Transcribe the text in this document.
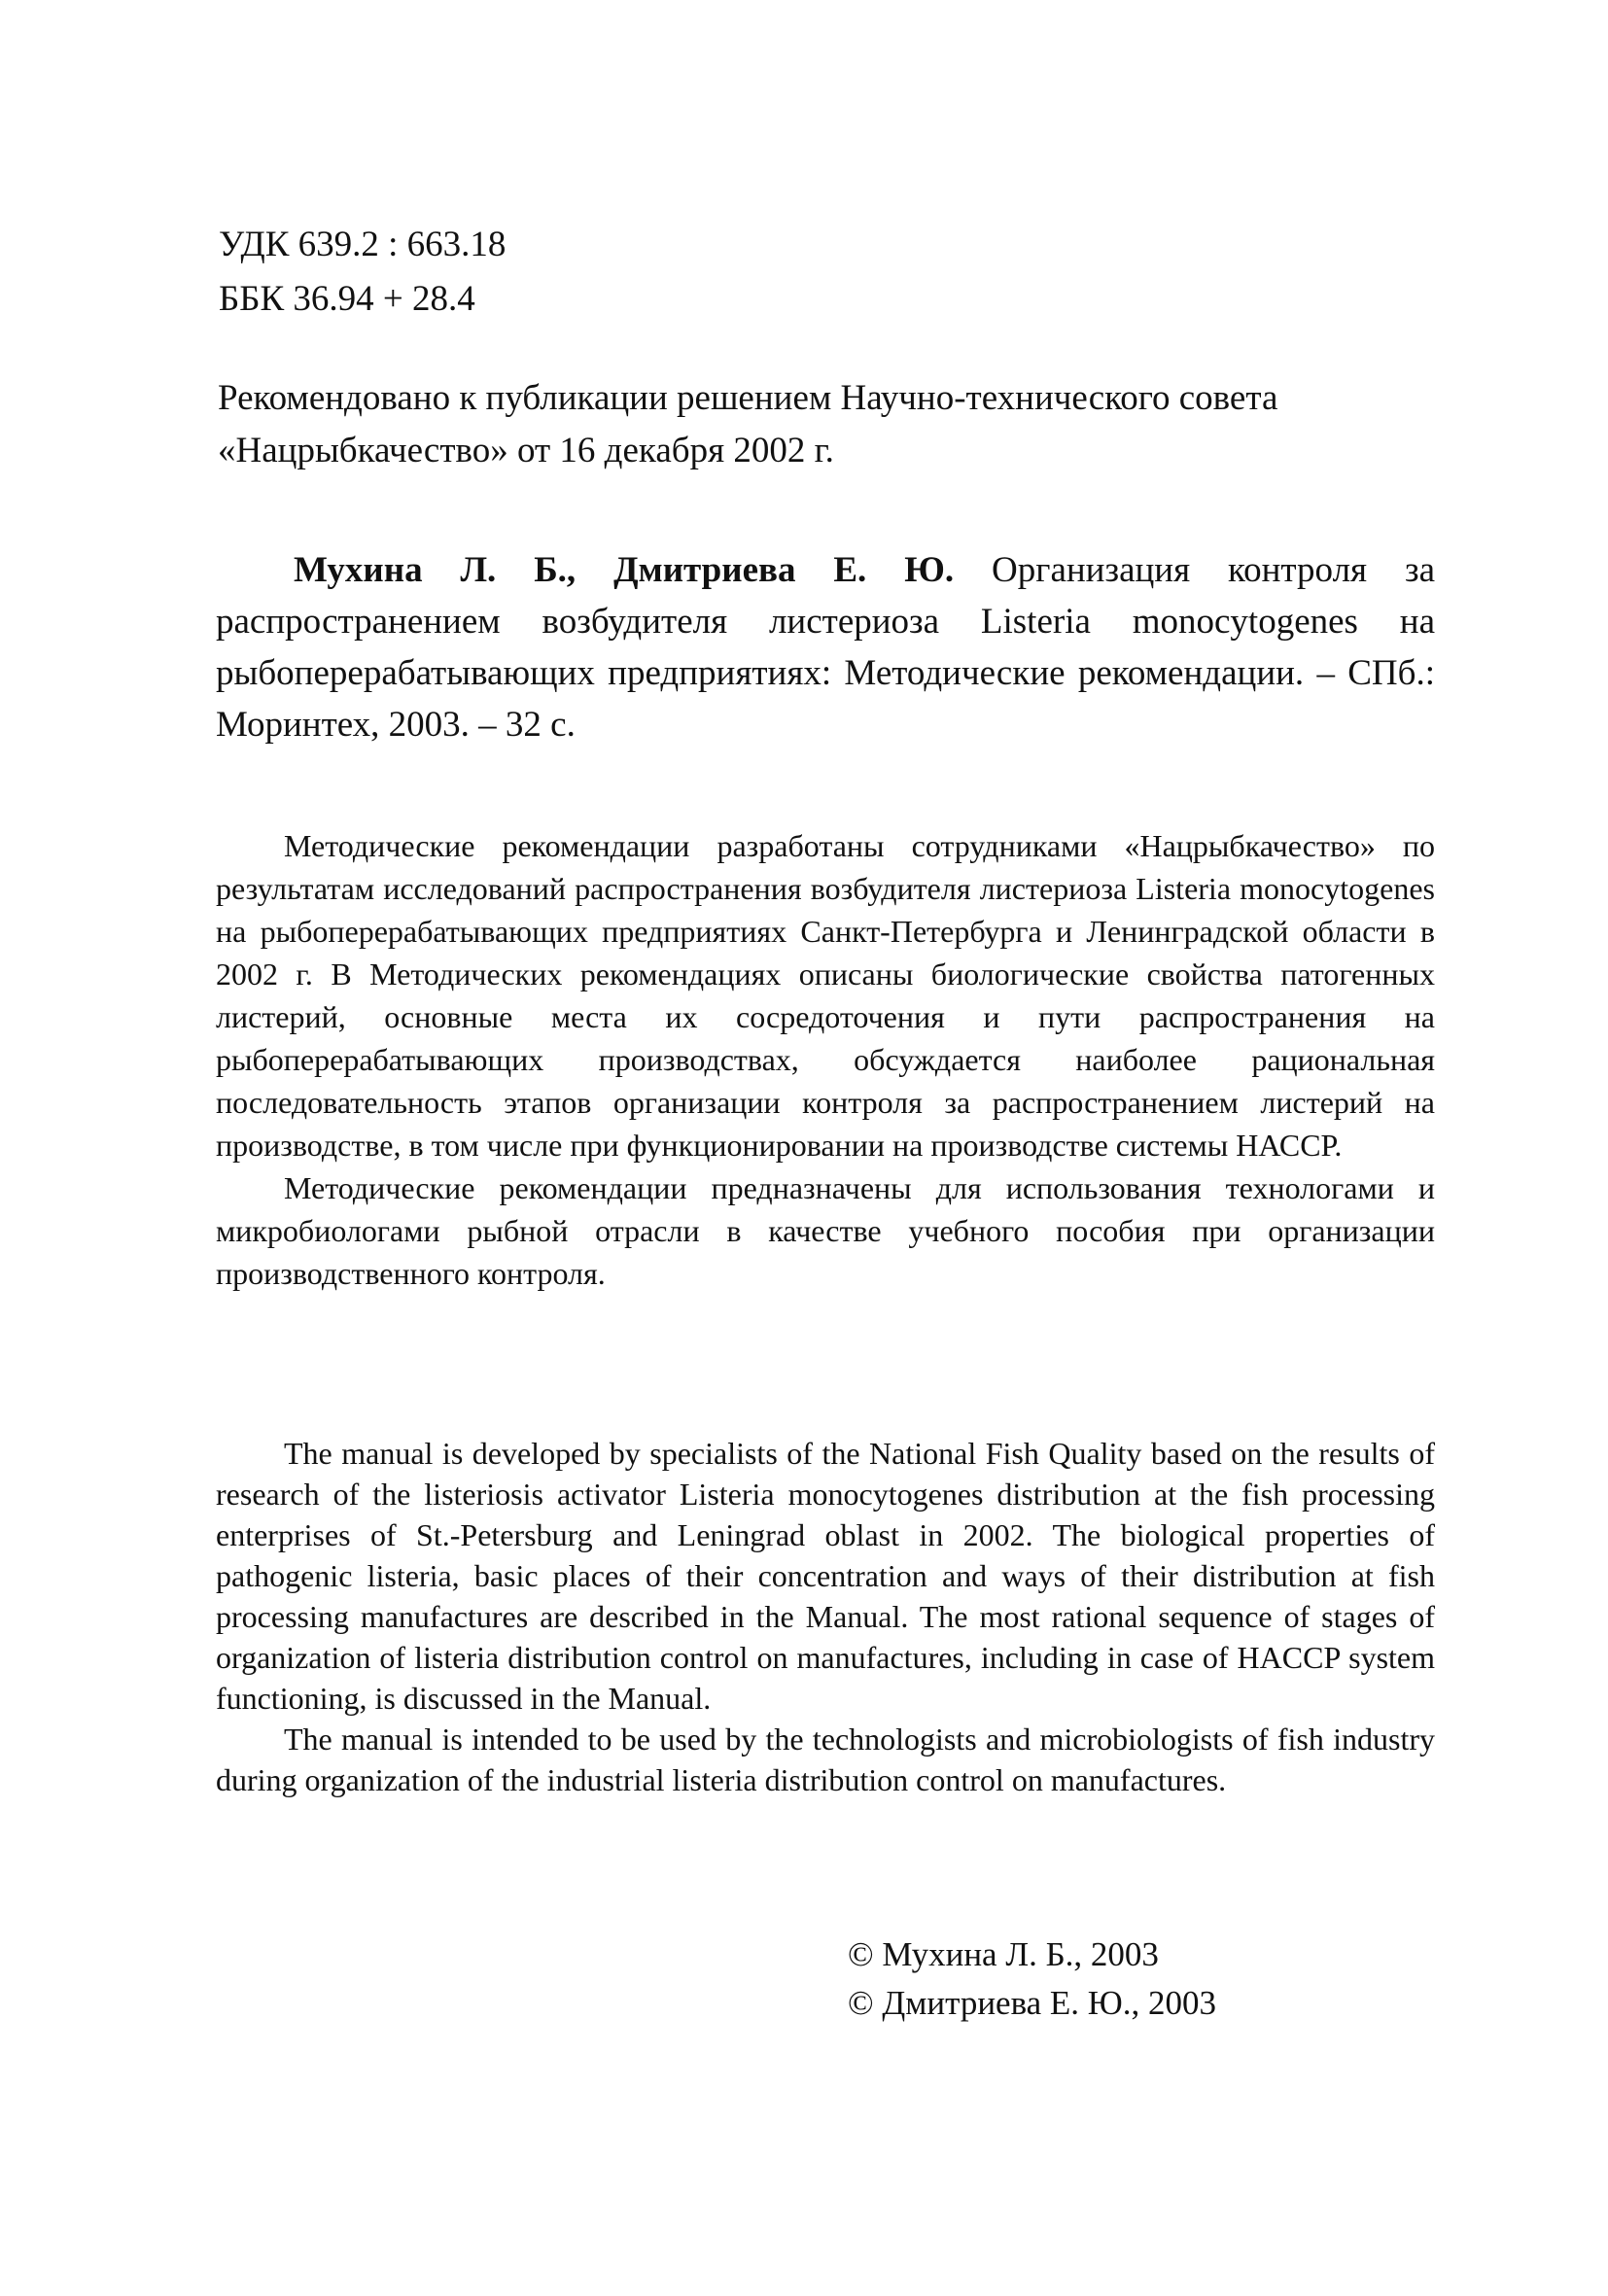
УДК 639.2 : 663.18
ББК 36.94 + 28.4
Рекомендовано к публикации решением Научно-технического совета
«Нацрыбкачество» от 16 декабря 2002 г.
Мухина Л. Б., Дмитриева Е. Ю. Организация контроля за распространением возбудителя листериоза Listeria monocytogenes на рыбоперерабатывающих предприятиях: Методические рекомендации. – СПб.: Моринтех, 2003. – 32 с.

Методические рекомендации разработаны сотрудниками «Нацрыбкачество» по результатам исследований распространения возбудителя листериоза Listeria monocytogenes на рыбоперерабатывающих предприятиях Санкт-Петербурга и Ленинградской области в 2002 г. В Методических рекомендациях описаны биологические свойства патогенных листерий, основные места их сосредоточения и пути распространения на рыбоперерабатывающих производствах, обсуждается наиболее рациональная последовательность этапов организации контроля за распространением листерий на производстве, в том числе при функционировании на производстве системы НАССР.

Методические рекомендации предназначены для использования технологами и микробиологами рыбной отрасли в качестве учебного пособия при организации производственного контроля.

The manual is developed by specialists of the National Fish Quality based on the results of research of the listeriosis activator Listeria monocytogenes distribution at the fish processing enterprises of St.-Petersburg and Leningrad oblast in 2002. The biological properties of pathogenic listeria, basic places of their concentration and ways of their distribution at fish processing manufactures are described in the Manual. The most rational sequence of stages of organization of listeria distribution control on manufactures, including in case of HACCP system functioning, is discussed in the Manual.

The manual is intended to be used by the technologists and microbiologists of fish industry during organization of the industrial listeria distribution control on manufactures.

© Мухина Л. Б., 2003
© Дмитриева Е. Ю., 2003
